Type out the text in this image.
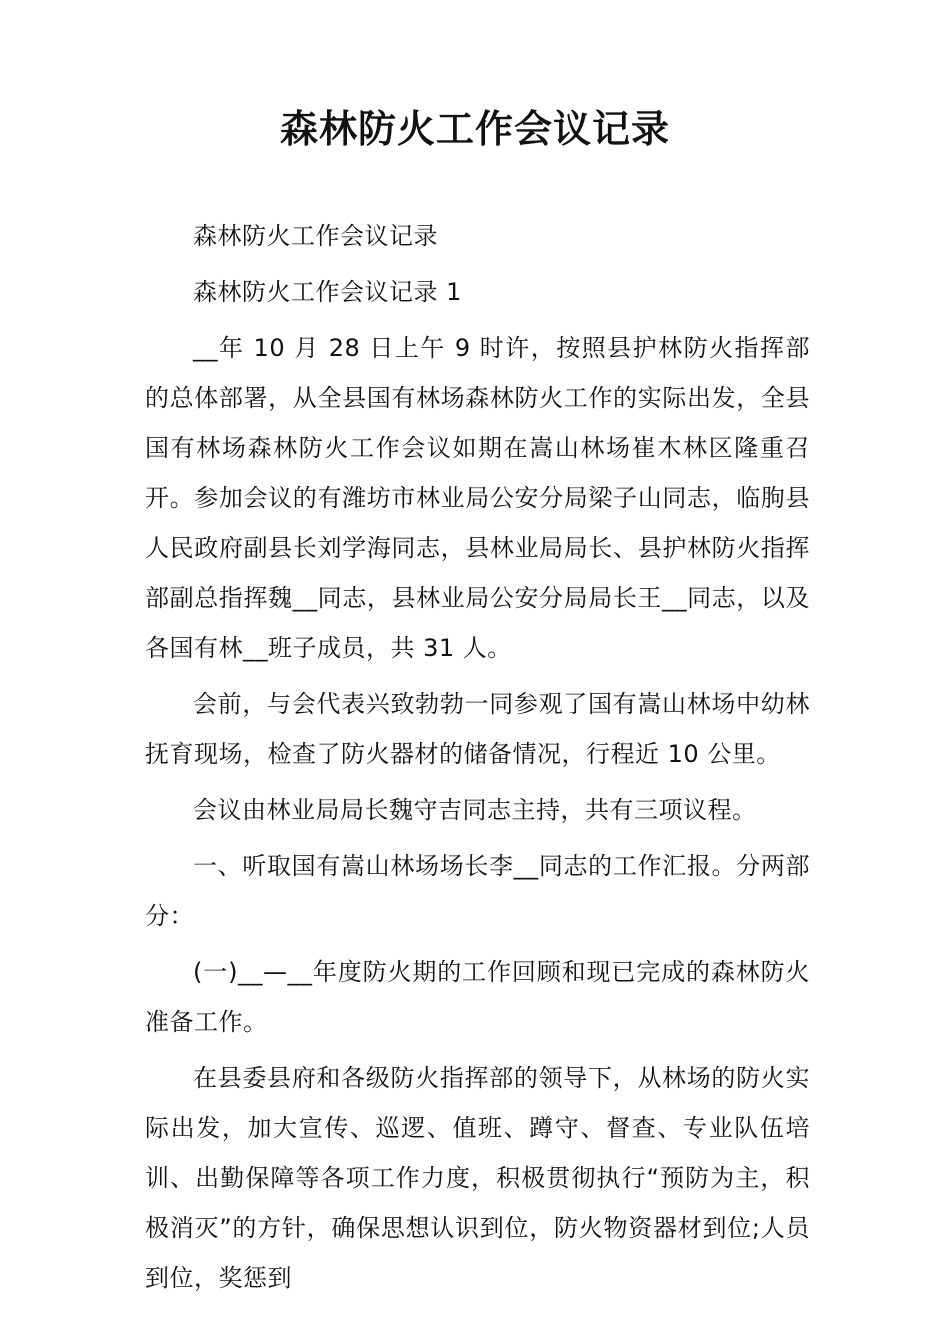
森林防火工作会议记录

森林防火工作会议记录

森林防火工作会议记录 1

__年 10 月 28 日上午 9 时许，按照县护林防火指挥部的总体部署，从全县国有林场森林防火工作的实际出发，全县国有林场森林防火工作会议如期在嵩山林场崔木林区隆重召开。参加会议的有潍坊市林业局公安分局梁子山同志，临朐县人民政府副县长刘学海同志，县林业局局长、县护林防火指挥部副总指挥魏__同志，县林业局公安分局局长王__同志，以及各国有林__班子成员，共 31 人。

会前，与会代表兴致勃勃一同参观了国有嵩山林场中幼林抚育现场，检查了防火器材的储备情况，行程近 10 公里。

会议由林业局局长魏守吉同志主持，共有三项议程。

一、听取国有嵩山林场场长李__同志的工作汇报。分两部分：

(一)__—__年度防火期的工作回顾和现已完成的森林防火准备工作。

在县委县府和各级防火指挥部的领导下，从林场的防火实际出发，加大宣传、巡逻、值班、蹲守、督查、专业队伍培训、出勤保障等各项工作力度，积极贯彻执行“预防为主，积极消灭”的方针，确保思想认识到位，防火物资器材到位;人员到位，奖惩到
